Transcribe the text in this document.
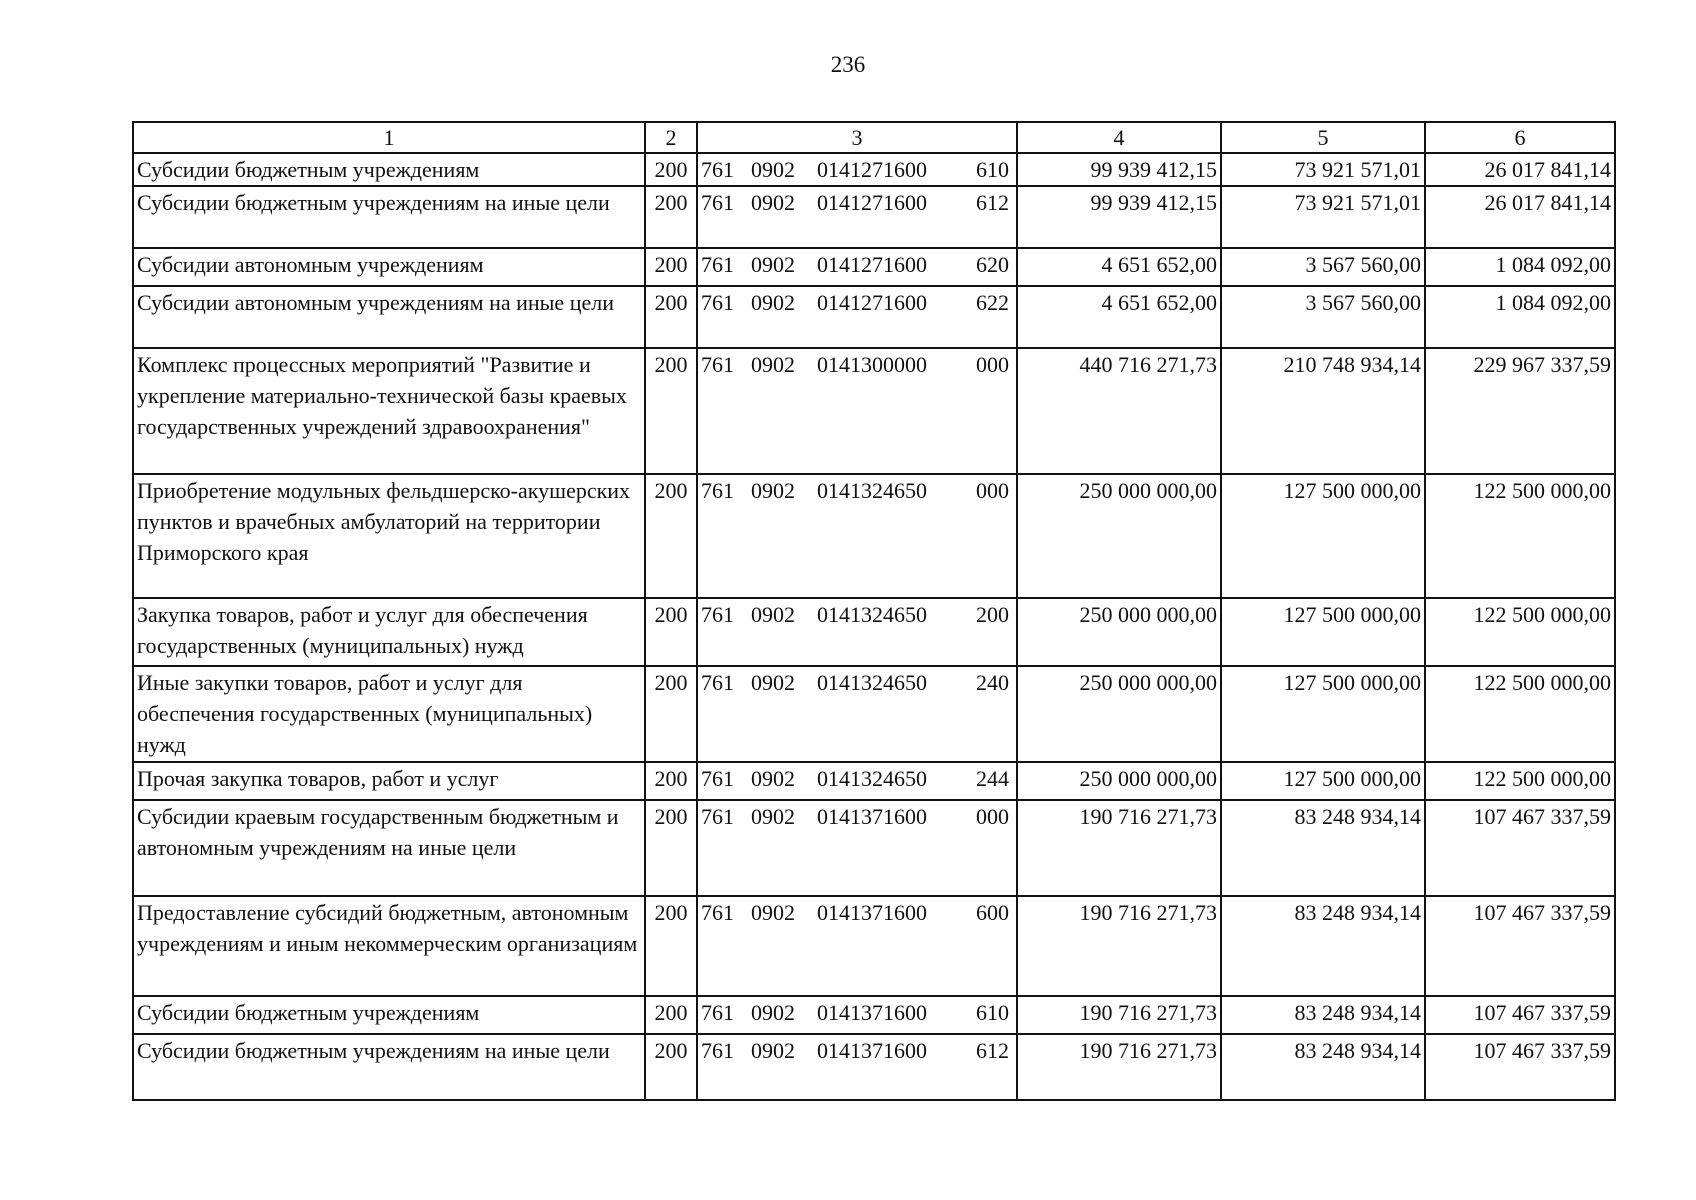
236
1	2	3	4	5	6
Субсидии бюджетным учреждениям	200	761 0902 0141271600 610	99 939 412,15	73 921 571,01	26 017 841,14
Субсидии бюджетным учреждениям на иные цели	200	761 0902 0141271600 612	99 939 412,15	73 921 571,01	26 017 841,14
Субсидии автономным учреждениям	200	761 0902 0141271600 620	4 651 652,00	3 567 560,00	1 084 092,00
Субсидии автономным учреждениям на иные цели	200	761 0902 0141271600 622	4 651 652,00	3 567 560,00	1 084 092,00
Комплекс процессных мероприятий "Развитие и укрепление материально-технической базы краевых государственных учреждений здравоохранения"	200	761 0902 0141300000 000	440 716 271,73	210 748 934,14	229 967 337,59
Приобретение модульных фельдшерско-акушерских пунктов и врачебных амбулаторий на территории Приморского края	200	761 0902 0141324650 000	250 000 000,00	127 500 000,00	122 500 000,00
Закупка товаров, работ и услуг для обеспечения государственных (муниципальных) нужд	200	761 0902 0141324650 200	250 000 000,00	127 500 000,00	122 500 000,00
Иные закупки товаров, работ и услуг для обеспечения государственных (муниципальных) нужд	200	761 0902 0141324650 240	250 000 000,00	127 500 000,00	122 500 000,00
Прочая закупка товаров, работ и услуг	200	761 0902 0141324650 244	250 000 000,00	127 500 000,00	122 500 000,00
Субсидии краевым государственным бюджетным и автономным учреждениям на иные цели	200	761 0902 0141371600 000	190 716 271,73	83 248 934,14	107 467 337,59
Предоставление субсидий бюджетным, автономным учреждениям и иным некоммерческим организациям	200	761 0902 0141371600 600	190 716 271,73	83 248 934,14	107 467 337,59
Субсидии бюджетным учреждениям	200	761 0902 0141371600 610	190 716 271,73	83 248 934,14	107 467 337,59
Субсидии бюджетным учреждениям на иные цели	200	761 0902 0141371600 612	190 716 271,73	83 248 934,14	107 467 337,59
